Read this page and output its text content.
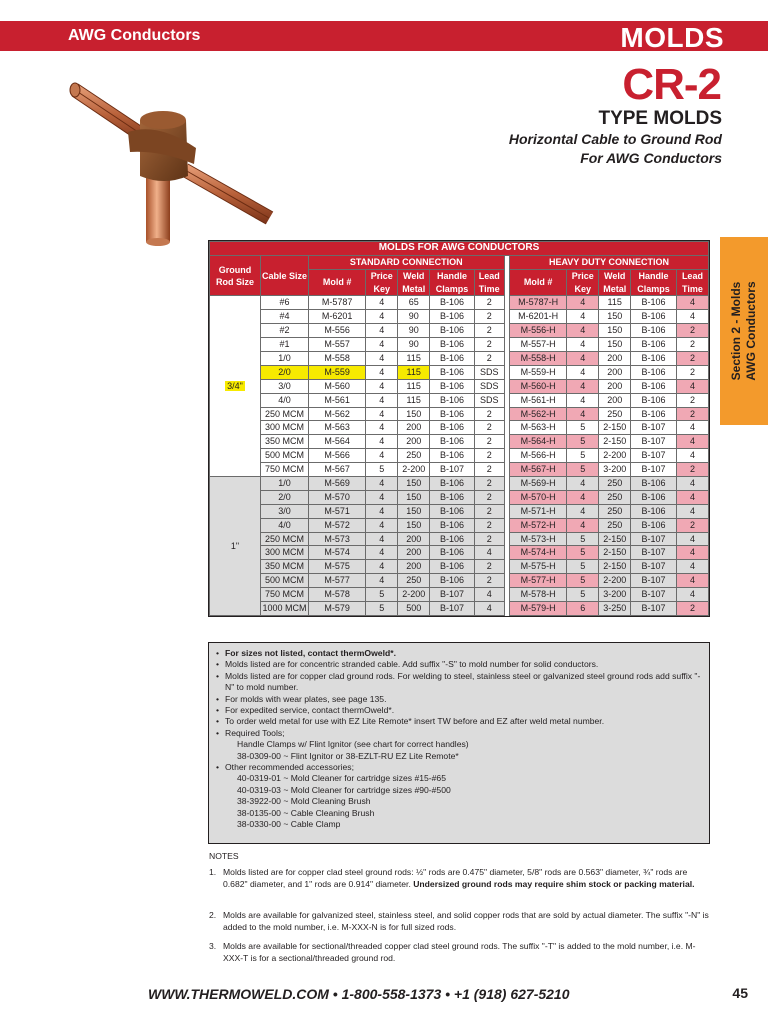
AWG Conductors	MOLDS
CR-2
TYPE MOLDS
Horizontal Cable to Ground Rod
For AWG Conductors
Section 2 - Molds AWG Conductors
MOLDS FOR AWG CONDUCTORS												
Ground Rod Size	Cable Size	STANDARD CONNECTION						HEAVY DUTY CONNECTION				
		Mold #	Price Key	Weld Metal	Handle Clamps	Lead Time		Mold #	Price Key	Weld Metal	Handle Clamps	Lead Time
3/4"	#6	M-5787	4	65	B-106	2		M-5787-H	4	115	B-106	4
	#4	M-6201	4	90	B-106	2		M-6201-H	4	150	B-106	4
	#2	M-556	4	90	B-106	2		M-556-H	4	150	B-106	2
	#1	M-557	4	90	B-106	2		M-557-H	4	150	B-106	2
	1/0	M-558	4	115	B-106	2		M-558-H	4	200	B-106	2
	2/0	M-559	4	115	B-106	SDS		M-559-H	4	200	B-106	2
	3/0	M-560	4	115	B-106	SDS		M-560-H	4	200	B-106	4
	4/0	M-561	4	115	B-106	SDS		M-561-H	4	200	B-106	2
	250 MCM	M-562	4	150	B-106	2		M-562-H	4	250	B-106	2
	300 MCM	M-563	4	200	B-106	2		M-563-H	5	2-150	B-107	4
	350 MCM	M-564	4	200	B-106	2		M-564-H	5	2-150	B-107	4
	500 MCM	M-566	4	250	B-106	2		M-566-H	5	2-200	B-107	4
	750 MCM	M-567	5	2-200	B-107	2		M-567-H	5	3-200	B-107	2
1"	1/0	M-569	4	150	B-106	2		M-569-H	4	250	B-106	4
	2/0	M-570	4	150	B-106	2		M-570-H	4	250	B-106	4
	3/0	M-571	4	150	B-106	2		M-571-H	4	250	B-106	4
	4/0	M-572	4	150	B-106	2		M-572-H	4	250	B-106	2
	250 MCM	M-573	4	200	B-106	2		M-573-H	5	2-150	B-107	4
	300 MCM	M-574	4	200	B-106	4		M-574-H	5	2-150	B-107	4
	350 MCM	M-575	4	200	B-106	2		M-575-H	5	2-150	B-107	4
	500 MCM	M-577	4	250	B-106	2		M-577-H	5	2-200	B-107	4
	750 MCM	M-578	5	2-200	B-107	4		M-578-H	5	3-200	B-107	4
	1000 MCM	M-579	5	500	B-107	4		M-579-H	6	3-250	B-107	2
• For sizes not listed, contact thermOweld*.
• Molds listed are for concentric stranded cable. Add suffix "-S" to mold number for solid conductors.
• Molds listed are for copper clad ground rods. For welding to steel, stainless steel or galvanized steel ground rods add suffix "-N" to mold number.
• For molds with wear plates, see page 135.
• For expedited service, contact thermOweld*.
• To order weld metal for use with EZ Lite Remote* insert TW before and EZ after weld metal number.
• Required Tools;
Handle Clamps w/ Flint Ignitor (see chart for correct handles)
38-0309-00 ~ Flint Ignitor or 38-EZLT-RU EZ Lite Remote*
• Other recommended accessories;
40-0319-01 ~ Mold Cleaner for cartridge sizes #15-#65
40-0319-03 ~ Mold Cleaner for cartridge sizes #90-#500
38-3922-00 ~ Mold Cleaning Brush
38-0135-00 ~ Cable Cleaning Brush
38-0330-00 ~ Cable Clamp
NOTES
1. Molds listed are for copper clad steel ground rods: ½" rods are 0.475" diameter, 5/8" rods are 0.563" diameter, ¾" rods are 0.682" diameter, and 1" rods are 0.914" diameter. Undersized ground rods may require shim stock or packing material.
2. Molds are available for galvanized steel, stainless steel, and solid copper rods that are sold by actual diameter. The suffix "-N" is added to the mold number, i.e. M-XXX-N is for full sized rods.
3. Molds are available for sectional/threaded copper clad steel ground rods. The suffix "-T" is added to the mold number, i.e. M-XXX-T is for a sectional/threaded ground rod.
WWW.THERMOWELD.COM • 1-800-558-1373 • +1 (918) 627-5210	45
